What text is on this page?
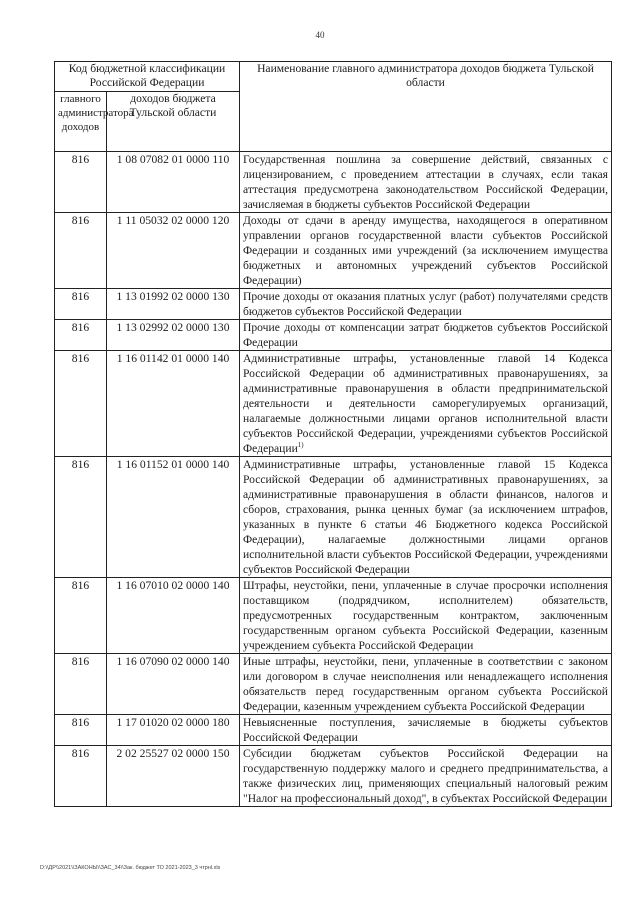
40
Код бюджетной классификации Российской Федерации		Наименование главного администратора доходов бюджета Тульской области
главного администратора доходов	доходов бюджета Тульской области	
816	1 08 07082 01 0000 110	Государственная пошлина за совершение действий, связанных с лицензированием, с проведением аттестации в случаях, если такая аттестация предусмотрена законодательством Российской Федерации, зачисляемая в бюджеты субъектов Российской Федерации
816	1 11 05032 02 0000 120	Доходы от сдачи в аренду имущества, находящегося в оперативном управлении органов государственной власти субъектов Российской Федерации и созданных ими учреждений (за исключением имущества бюджетных и автономных учреждений субъектов Российской Федерации)
816	1 13 01992 02 0000 130	Прочие доходы от оказания платных услуг (работ) получателями средств бюджетов субъектов Российской Федерации
816	1 13 02992 02 0000 130	Прочие доходы от компенсации затрат бюджетов субъектов Российской Федерации
816	1 16 01142 01 0000 140	Административные штрафы, установленные главой 14 Кодекса Российской Федерации об административных правонарушениях, за административные правонарушения в области предпринимательской деятельности и деятельности саморегулируемых организаций, налагаемые должностными лицами органов исполнительной власти субъектов Российской Федерации, учреждениями субъектов Российской Федерации$^{1)}$
816	1 16 01152 01 0000 140	Административные штрафы, установленные главой 15 Кодекса Российской Федерации об административных правонарушениях, за административные правонарушения в области финансов, налогов и сборов, страхования, рынка ценных бумаг (за исключением штрафов, указанных в пункте 6 статьи 46 Бюджетного кодекса Российской Федерации), налагаемые должностными лицами органов исполнительной власти субъектов Российской Федерации, учреждениями субъектов Российской Федерации
816	1 16 07010 02 0000 140	Штрафы, неустойки, пени, уплаченные в случае просрочки исполнения поставщиком (подрядчиком, исполнителем) обязательств, предусмотренных государственным контрактом, заключенным государственным органом субъекта Российской Федерации, казенным учреждением субъекта Российской Федерации
816	1 16 07090 02 0000 140	Иные штрафы, неустойки, пени, уплаченные в соответствии с законом или договором в случае неисполнения или ненадлежащего исполнения обязательств перед государственным органом субъекта Российской Федерации, казенным учреждением субъекта Российской Федерации
816	1 17 01020 02 0000 180	Невыясненные поступления, зачисляемые в бюджеты субъектов Российской Федерации
816	2 02 25527 02 0000 150	Субсидии бюджетам субъектов Российской Федерации на государственную поддержку малого и среднего предпринимательства, а также физических лиц, применяющих специальный налоговый режим "Налог на профессиональный доход", в субъектах Российской Федерации
D:\\ДР\\2021\\ЗАКОНЫ\\ЗАС_34\\Зак. бюджет ТО 2021-2023_3 чтрнl.xls
